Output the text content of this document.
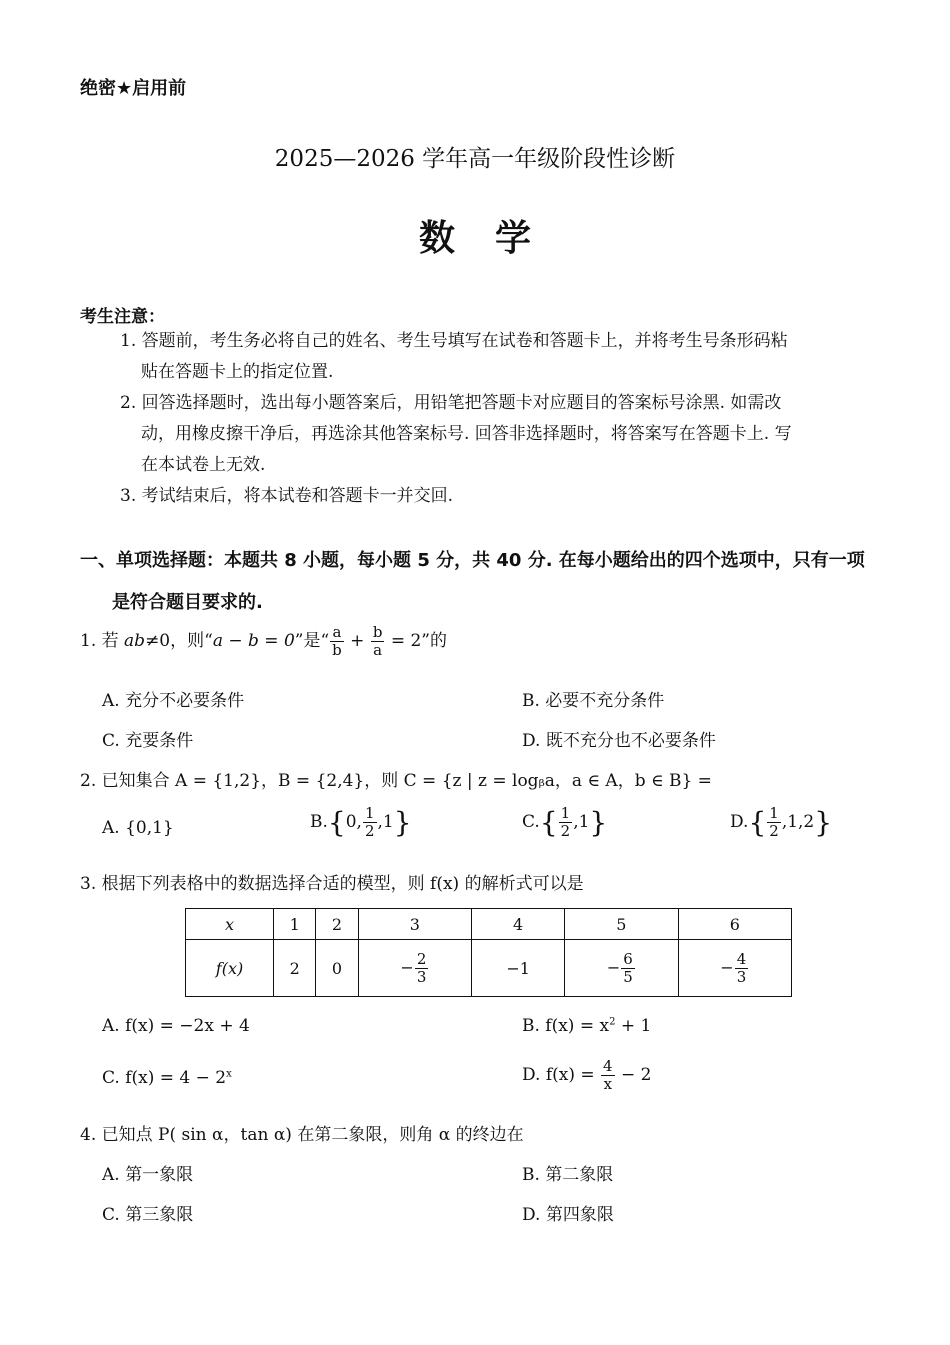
绝密★启用前
2025—2026 学年高一年级阶段性诊断
数学
考生注意：
1. 答题前，考生务必将自己的姓名、考生号填写在试卷和答题卡上，并将考生号条形码粘
贴在答题卡上的指定位置.
2. 回答选择题时，选出每小题答案后，用铅笔把答题卡对应题目的答案标号涂黑. 如需改
动，用橡皮擦干净后，再选涂其他答案标号. 回答非选择题时，将答案写在答题卡上. 写
在本试卷上无效.
3. 考试结束后，将本试卷和答题卡一并交回.
一、单项选择题：本题共 8 小题，每小题 5 分，共 40 分. 在每小题给出的四个选项中，只有一项
是符合题目要求的.
1. 若 ab≠0，则“a − b = 0”是“ $\frac{a}{b} + \frac{b}{a} = 2$”的
A. 充分不必要条件	B. 必要不充分条件
C. 充要条件	D. 既不充分也不必要条件
2. 已知集合 A = {1,2}，B = {2,4}，则 C = {z | z = logᵦa，a ∈ A，b ∈ B} =
A. {0,1}	B.{0, $\frac{1}{2} ,1$}	$C.\{ \frac{1}{2} ,1\}$	$D.\{ \frac{1}{2} ,1,2\}$
3. 根据下列表格中的数据选择合适的模型，则 f(x) 的解析式可以是
x	1	2	3	4	5	6
f(x)	2	0	− $\frac{2}{3}$	−1	− $\frac{6}{5}$	− $\frac{4}{3}$
A. f(x) = −2x + 4	B. $f(x) = x^2 + 1$
C. $f(x) = 4 - 2^x$	D. $f(x) = \frac{4}{x} - 2$
4. 已知点 P( sin α，tan α) 在第二象限，则角 α 的终边在
A. 第一象限	B. 第二象限
C. 第三象限	D. 第四象限
